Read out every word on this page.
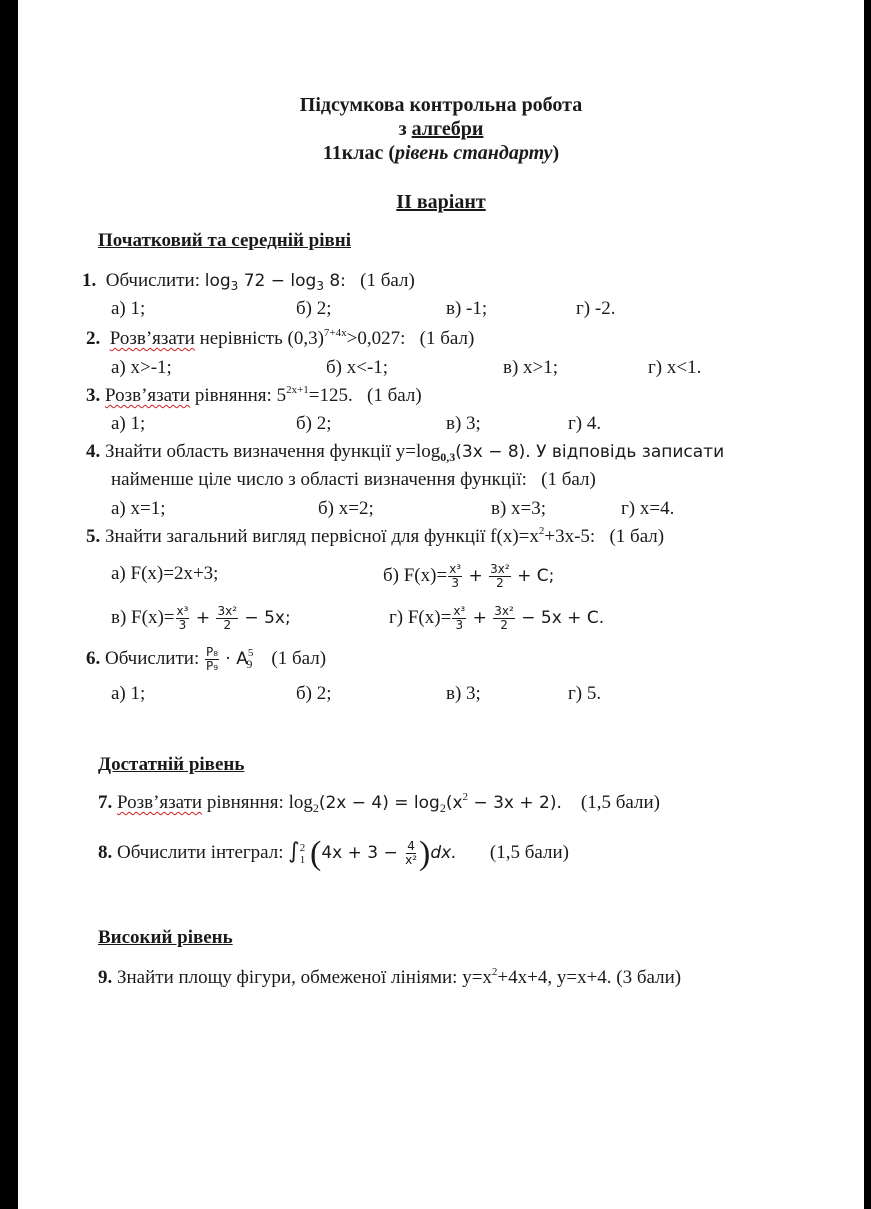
Підсумкова контрольна робота
з алгебри
11клас (рівень стандарту)
II варіант
Початковий та середній рівні
1. Обчислити: $\log_3 72 - \log_3 8$: (1 бал)
а) 1;	б) 2;	в) -1;	г) -2.
2. Розв’язати нерівність $(0,3)^{7+4x}>0,027$: (1 бал)
а) x>-1;	б) x<-1;	в) x>1;	г) x<1.
3. Розв’язати рівняння: $5^{2x+1}=125$. (1 бал)
а) 1;	б) 2;	в) 3;	г) 4.
4. Знайти область визначення функції $y=\log_{0,3}(3x - 8)$. У відповідь записати
найменше ціле число з області визначення функції: (1 бал)
а) x=1;	б) x=2;	в) x=3;	г) x=4.
5. Знайти загальний вигляд первісної для функції $f(x)=x^2+3x-5$: (1 бал)
а) F(x)=2x+3;	б) $F(x)= \frac{\text{x³}}{3} + \frac{\text{3x²}}{2} + C$;
в) $F(x)= \frac{\text{x³}}{3} + \frac{\text{3x²}}{2} - 5x$;	г) $F(x)= \frac{\text{x³}}{3} + \frac{\text{3x²}}{2} - 5x + C$.
6. Обчислити: $\frac{\text{P₈}}{\text{P₉}} \cdot A^5_9$ (1 бал)
а) 1;	б) 2;	в) 3;	г) 5.
Достатній рівень
7. Розв’язати рівняння: $\log_2(2x - 4) = \log_2(x^2 - 3x + 2)$. (1,5 бали)
8. Обчислити інтеграл: ∫ 2
1 $(4x + 3 - \frac{4}{\text{x²}} )dx$. (1,5 бали)
Високий рівень
9. Знайти площу фігури, обмеженої лініями: $y=x^2+4x+4$, y=x+4. (3 бали)
